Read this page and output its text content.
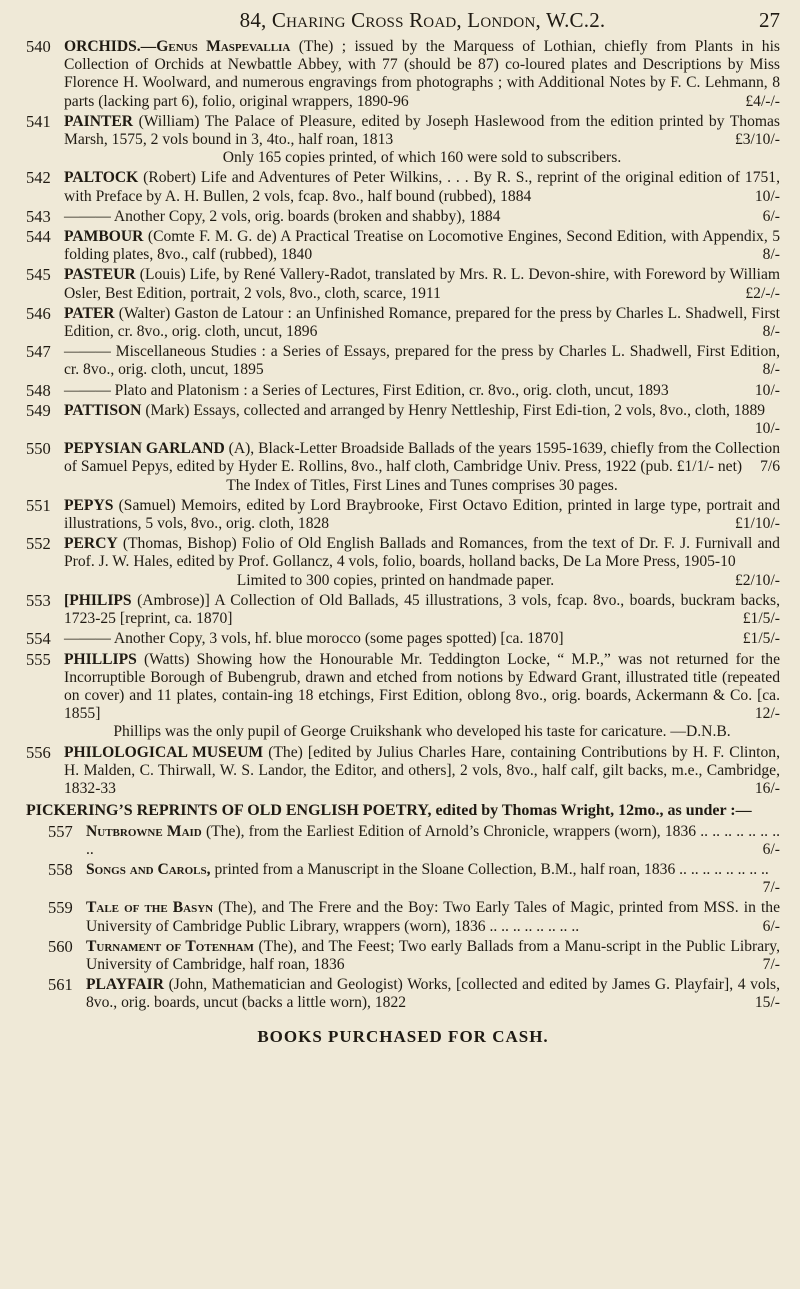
84, Charing Cross Road, London, W.C.2.	27
540 ORCHIDS.—Genus Maspevallia (The) ; issued by the Marquess of Lothian, chiefly from Plants in his Collection of Orchids at Newbattle Abbey, with 77 (should be 87) co-loured plates and Descriptions by Miss Florence H. Woolward, and numerous engravings from photographs ; with Additional Notes by F. C. Lehmann, 8 parts (lacking part 6), folio, original wrappers, 1890-96	£4/-/-
541 PAINTER (William) The Palace of Pleasure, edited by Joseph Haslewood from the edition printed by Thomas Marsh, 1575, 2 vols bound in 3, 4to., half roan, 1813	£3/10/-
Only 165 copies printed, of which 160 were sold to subscribers.
542 PALTOCK (Robert) Life and Adventures of Peter Wilkins, . . . By R. S., reprint of the original edition of 1751, with Preface by A. H. Bullen, 2 vols, fcap. 8vo., half bound (rubbed), 1884	10/-
543 ——— Another Copy, 2 vols, orig. boards (broken and shabby), 1884	6/-
544 PAMBOUR (Comte F. M. G. de) A Practical Treatise on Locomotive Engines, Second Edition, with Appendix, 5 folding plates, 8vo., calf (rubbed), 1840	8/-
545 PASTEUR (Louis) Life, by René Vallery-Radot, translated by Mrs. R. L. Devon-shire, with Foreword by William Osler, Best Edition, portrait, 2 vols, 8vo., cloth, scarce, 1911	£2/-/-
546 PATER (Walter) Gaston de Latour : an Unfinished Romance, prepared for the press by Charles L. Shadwell, First Edition, cr. 8vo., orig. cloth, uncut, 1896	8/-
547 ——— Miscellaneous Studies : a Series of Essays, prepared for the press by Charles L. Shadwell, First Edition, cr. 8vo., orig. cloth, uncut, 1895	8/-
548 ——— Plato and Platonism : a Series of Lectures, First Edition, cr. 8vo., orig. cloth, uncut, 1893	10/-
549 PATTISON (Mark) Essays, collected and arranged by Henry Nettleship, First Edi-tion, 2 vols, 8vo., cloth, 1889
10/-
550 PEPYSIAN GARLAND (A), Black-Letter Broadside Ballads of the years 1595-1639, chiefly from the Collection of Samuel Pepys, edited by Hyder E. Rollins, 8vo., half cloth, Cambridge Univ. Press, 1922 (pub. £1/1/- net)	7/6
The Index of Titles, First Lines and Tunes comprises 30 pages.
551 PEPYS (Samuel) Memoirs, edited by Lord Braybrooke, First Octavo Edition, printed in large type, portrait and illustrations, 5 vols, 8vo., orig. cloth, 1828	£1/10/-
552 PERCY (Thomas, Bishop) Folio of Old English Ballads and Romances, from the text of Dr. F. J. Furnivall and Prof. J. W. Hales, edited by Prof. Gollancz, 4 vols, folio, boards, holland backs, De La More Press, 1905-10
£2/10/-
Limited to 300 copies, printed on handmade paper.
553 [PHILIPS (Ambrose)] A Collection of Old Ballads, 45 illustrations, 3 vols, fcap. 8vo., boards, buckram backs, 1723-25 [reprint, ca. 1870]	£1/5/-
554 ——— Another Copy, 3 vols, hf. blue morocco (some pages spotted) [ca. 1870]	£1/5/-
555 PHILLIPS (Watts) Showing how the Honourable Mr. Teddington Locke, “ M.P.,” was not returned for the Incorruptible Borough of Bubengrub, drawn and etched from notions by Edward Grant, illustrated title (repeated on cover) and 11 plates, contain-ing 18 etchings, First Edition, oblong 8vo., orig. boards, Ackermann & Co. [ca. 1855]	12/-
Phillips was the only pupil of George Cruikshank who developed his taste for caricature. —D.N.B.
556 PHILOLOGICAL MUSEUM (The) [edited by Julius Charles Hare, containing Contributions by H. F. Clinton, H. Malden, C. Thirwall, W. S. Landor, the Editor, and others], 2 vols, 8vo., half calf, gilt backs, m.e., Cambridge, 1832-33	16/-
PICKERING’S REPRINTS OF OLD ENGLISH POETRY, edited by Thomas Wright, 12mo., as under :—
557 Nutbrowne Maid (The), from the Earliest Edition of Arnold’s Chronicle, wrappers (worn), 1836 .. .. .. .. .. .. .. ..	6/-
558 Songs and Carols, printed from a Manuscript in the Sloane Collection, B.M., half roan, 1836 .. .. .. .. .. .. .. ..
7/-
559 Tale of the Basyn (The), and The Frere and the Boy: Two Early Tales of Magic, printed from MSS. in the University of Cambridge Public Library, wrappers (worn), 1836 .. .. .. .. .. .. .. ..	6/-
560 Turnament of Totenham (The), and The Feest; Two early Ballads from a Manu-script in the Public Library, University of Cambridge, half roan, 1836	7/-
561 PLAYFAIR (John, Mathematician and Geologist) Works, [collected and edited by James G. Playfair], 4 vols, 8vo., orig. boards, uncut (backs a little worn), 1822	15/-
BOOKS PURCHASED FOR CASH.
